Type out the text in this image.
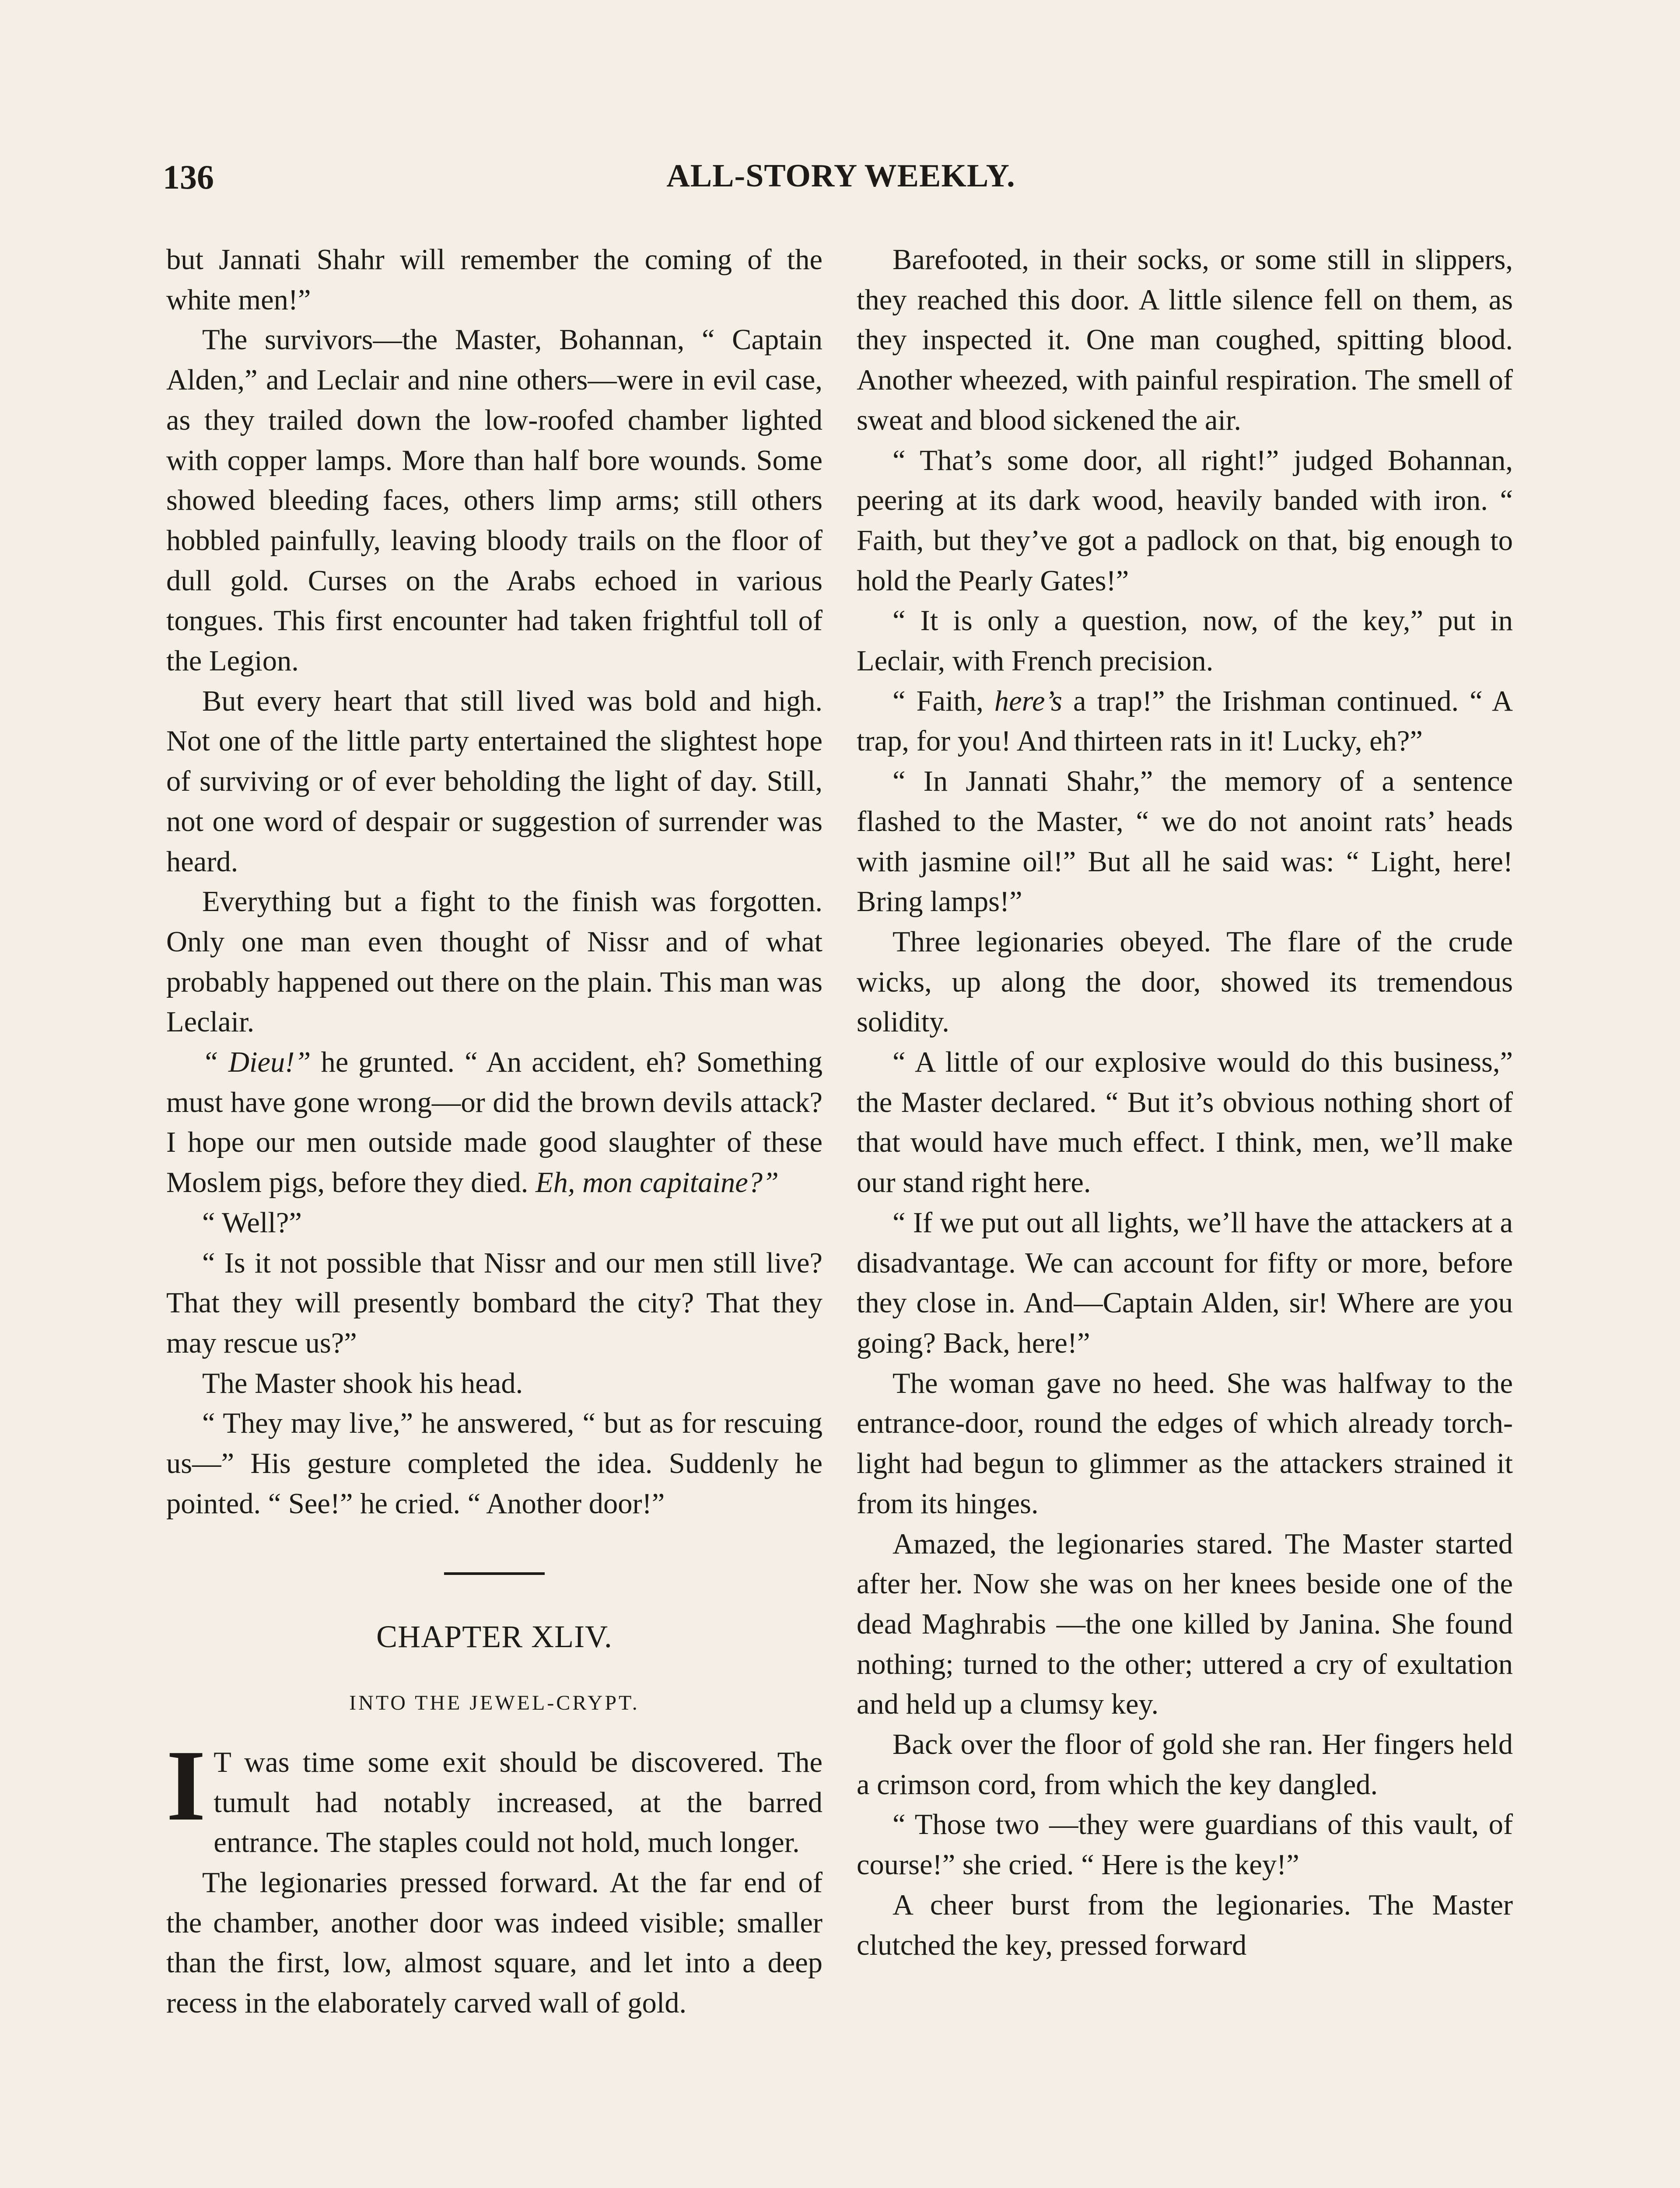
136	ALL-STORY WEEKLY.

but Jannati Shahr will remember the coming of the white men!”

The survivors—the Master, Bohannan, “ Captain Alden,” and Leclair and nine others—were in evil case, as they trailed down the low-roofed chamber lighted with copper lamps. More than half bore wounds. Some showed bleeding faces, others limp arms; still others hobbled painfully, leaving bloody trails on the floor of dull gold. Curses on the Arabs echoed in various tongues. This first encounter had taken frightful toll of the Legion.

But every heart that still lived was bold and high. Not one of the little party entertained the slightest hope of surviving or of ever beholding the light of day. Still, not one word of despair or suggestion of surrender was heard.

Everything but a fight to the finish was forgotten. Only one man even thought of Nissr and of what probably happened out there on the plain. This man was Leclair.

“ Dieu!” he grunted. “ An accident, eh? Something must have gone wrong—or did the brown devils attack? I hope our men outside made good slaughter of these Moslem pigs, before they died. Eh, mon capitaine?”

“ Well?”

“ Is it not possible that Nissr and our men still live? That they will presently bombard the city? That they may rescue us?”

The Master shook his head.

“ They may live,” he answered, “ but as for rescuing us—” His gesture completed the idea. Suddenly he pointed. “ See!” he cried. “ Another door!”

CHAPTER XLIV.
INTO THE JEWEL-CRYPT.

I T was time some exit should be discovered. The tumult had notably increased, at the barred entrance. The staples could not hold, much longer.

The legionaries pressed forward. At the far end of the chamber, another door was indeed visible; smaller than the first, low, almost square, and let into a deep recess in the elaborately carved wall of gold.

Barefooted, in their socks, or some still in slippers, they reached this door. A little silence fell on them, as they inspected it. One man coughed, spitting blood. Another wheezed, with painful respiration. The smell of sweat and blood sickened the air.

“ That’s some door, all right!” judged Bohannan, peering at its dark wood, heavily banded with iron. “ Faith, but they’ve got a padlock on that, big enough to hold the Pearly Gates!”

“ It is only a question, now, of the key,” put in Leclair, with French precision.

“ Faith, here’s a trap!” the Irishman continued. “ A trap, for you! And thirteen rats in it! Lucky, eh?”

“ In Jannati Shahr,” the memory of a sentence flashed to the Master, “ we do not anoint rats’ heads with jasmine oil!” But all he said was: “ Light, here! Bring lamps!”

Three legionaries obeyed. The flare of the crude wicks, up along the door, showed its tremendous solidity.

“ A little of our explosive would do this business,” the Master declared. “ But it’s obvious nothing short of that would have much effect. I think, men, we’ll make our stand right here.

“ If we put out all lights, we’ll have the attackers at a disadvantage. We can account for fifty or more, before they close in. And—Captain Alden, sir! Where are you going? Back, here!”

The woman gave no heed. She was halfway to the entrance-door, round the edges of which already torch-light had begun to glimmer as the attackers strained it from its hinges.

Amazed, the legionaries stared. The Master started after her. Now she was on her knees beside one of the dead Maghrabis —the one killed by Janina. She found nothing; turned to the other; uttered a cry of exultation and held up a clumsy key.

Back over the floor of gold she ran. Her fingers held a crimson cord, from which the key dangled.

“ Those two —they were guardians of this vault, of course!” she cried. “ Here is the key!”

A cheer burst from the legionaries. The Master clutched the key, pressed forward
